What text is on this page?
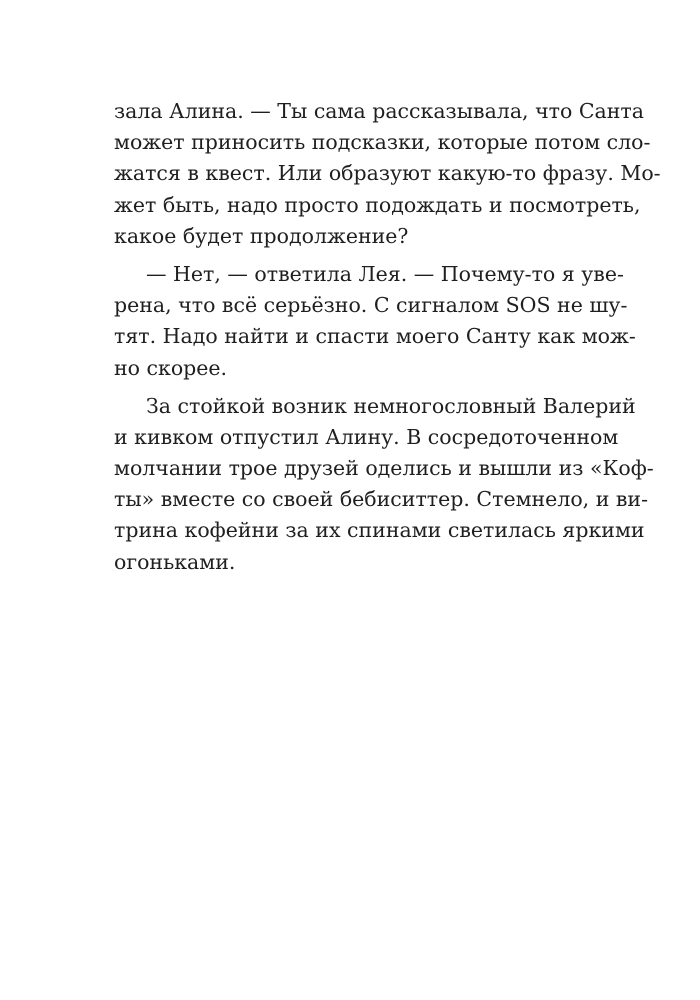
зала Алина. — Ты сама рассказывала, что Санта
может приносить подсказки, которые потом сло-
жатся в квест. Или образуют какую-то фразу. Мо-
жет быть, надо просто подождать и посмотреть,
какое будет продолжение?
— Нет, — ответила Лея. — Почему-то я уве-
рена, что всё серьёзно. С сигналом SOS не шу-
тят. Надо найти и спасти моего Санту как мож-
но скорее.
За стойкой возник немногословный Валерий
и кивком отпустил Алину. В сосредоточенном
молчании трое друзей оделись и вышли из «Коф-
ты» вместе со своей бебиситтер. Стемнело, и ви-
трина кофейни за их спинами светилась яркими
огоньками.
